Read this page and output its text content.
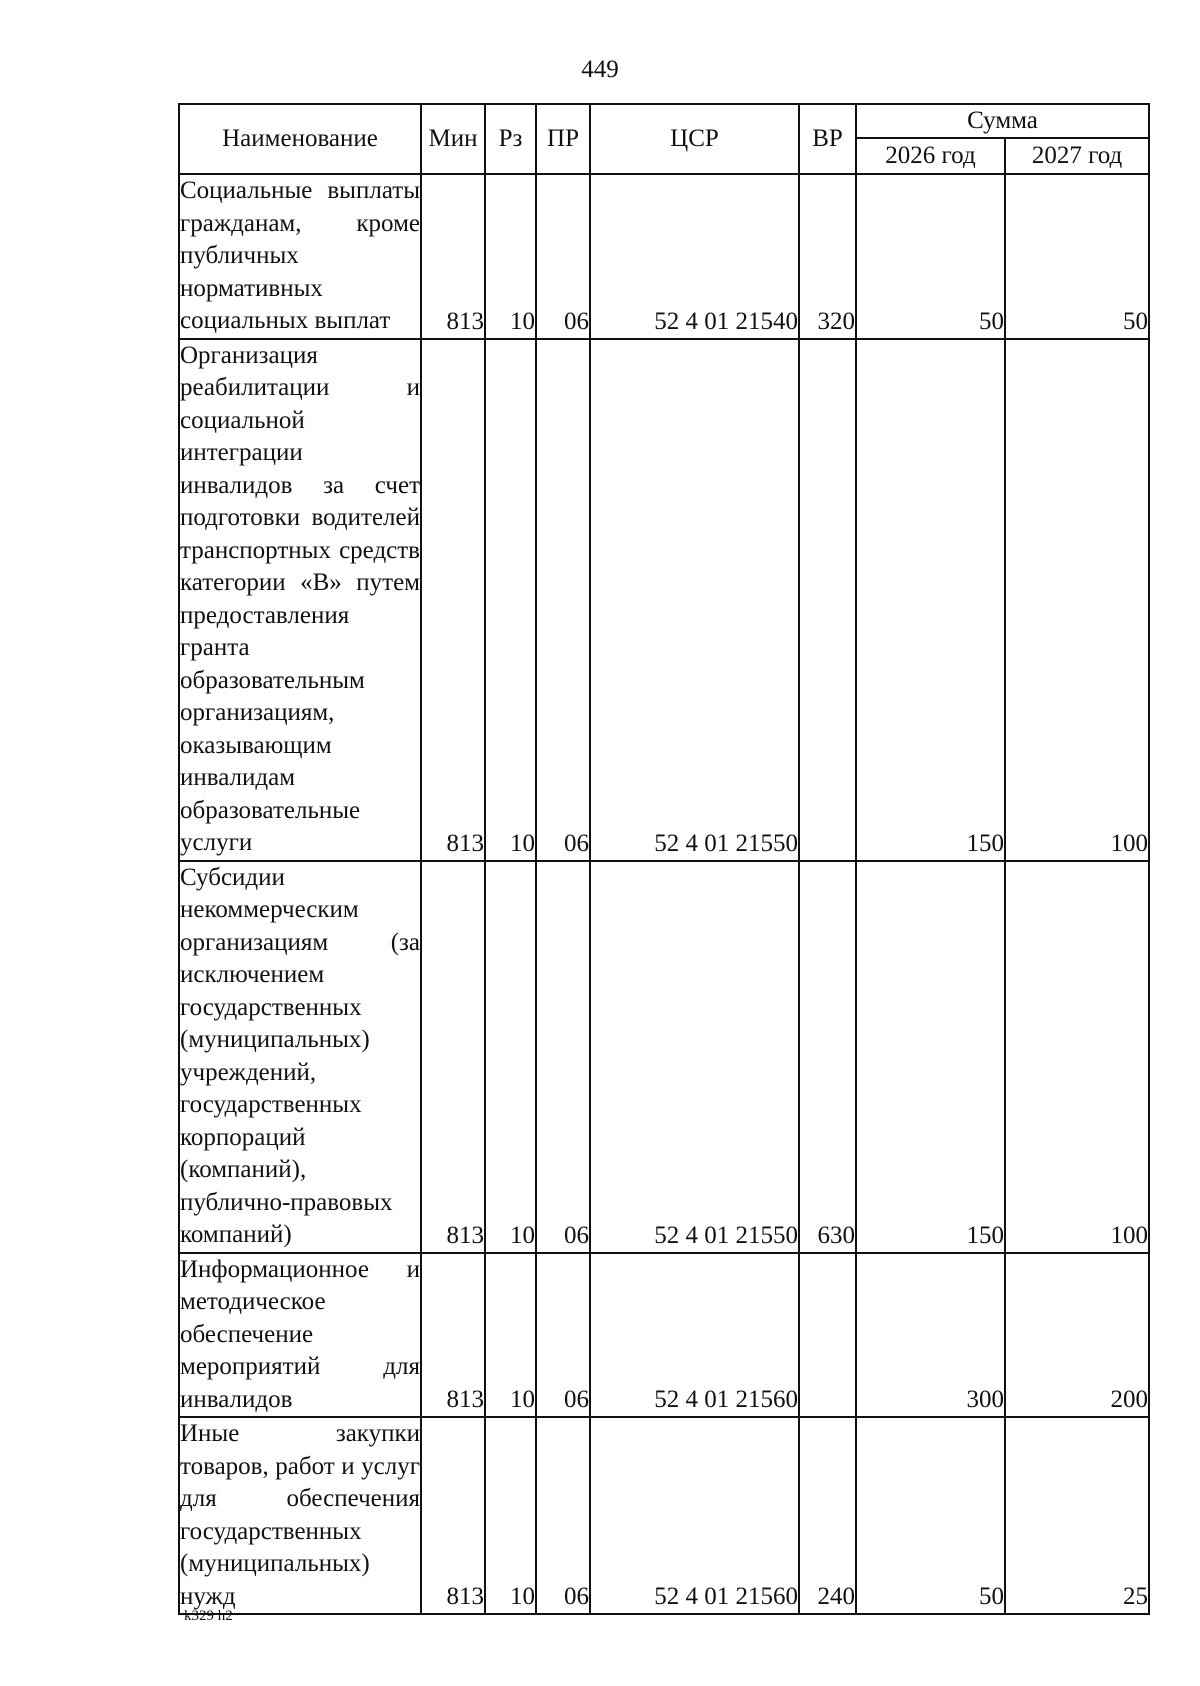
449
Наименование	Мин	Рз	ПР	ЦСР	ВР	Сумма	
						2026 год	2027 год
Социальные выплаты гражданам, кроме публичных нормативных социальных выплат	813	10	06	52 4 01 21540	320	50	50
Организация реабилитации и социальной интеграции инвалидов за счет подготовки водителей транспортных средств категории «В» путем предоставления гранта образовательным организациям, оказывающим инвалидам образовательные услуги	813	10	06	52 4 01 21550		150	100
Субсидии некоммерческим организациям (за исключением государственных (муниципальных) учреждений, государственных корпораций (компаний), публично-правовых компаний)	813	10	06	52 4 01 21550	630	150	100
Информационное и методическое обеспечение мероприятий для инвалидов	813	10	06	52 4 01 21560		300	200
Иные закупки товаров, работ и услуг для обеспечения государственных (муниципальных) нужд	813	10	06	52 4 01 21560	240	50	25
k329 h2
